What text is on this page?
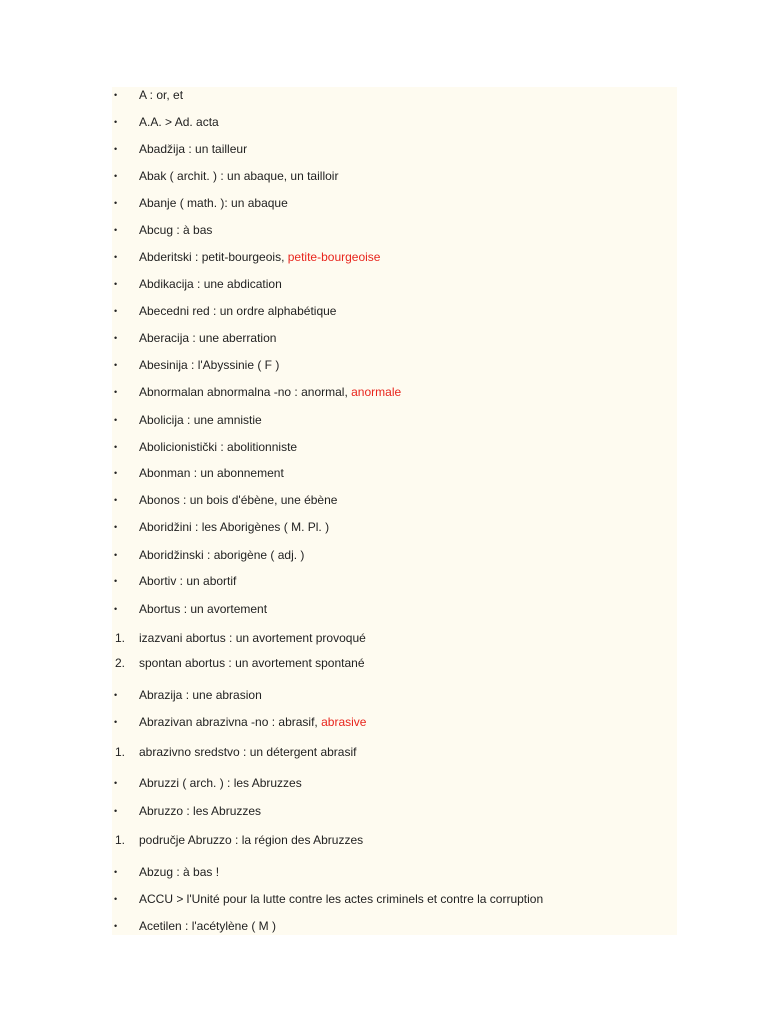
•	A : or, et
•	A.A. > Ad. acta
•	Abadžija : un tailleur
•	Abak ( archit. ) : un abaque, un tailloir
•	Abanje ( math. ): un abaque
•	Abcug : à bas
•	Abderitski : petit-bourgeois, petite-bourgeoise
•	Abdikacija : une abdication
•	Abecedni red : un ordre alphabétique
•	Aberacija : une aberration
•	Abesinija : l'Abyssinie ( F )
•	Abnormalan abnormalna -no : anormal, anormale
•	Abolicija : une amnistie
•	Abolicionistički : abolitionniste
•	Abonman : un abonnement
•	Abonos : un bois d'ébène, une ébène
•	Aboridžini : les Aborigènes ( M. Pl. )
•	Aboridžinski : aborigène ( adj. )
•	Abortiv : un abortif
•	Abortus : un avortement
1.	izazvani abortus : un avortement provoqué
2.	spontan abortus : un avortement spontané
•	Abrazija : une abrasion
•	Abrazivan abrazivna -no : abrasif, abrasive
1.	abrazivno sredstvo : un détergent abrasif
•	Abruzzi ( arch. ) : les Abruzzes
•	Abruzzo : les Abruzzes
1.	područje Abruzzo : la région des Abruzzes
•	Abzug : à bas !
•	ACCU > l'Unité pour la lutte contre les actes criminels et contre la corruption
•	Acetilen : l'acétylène ( M )
